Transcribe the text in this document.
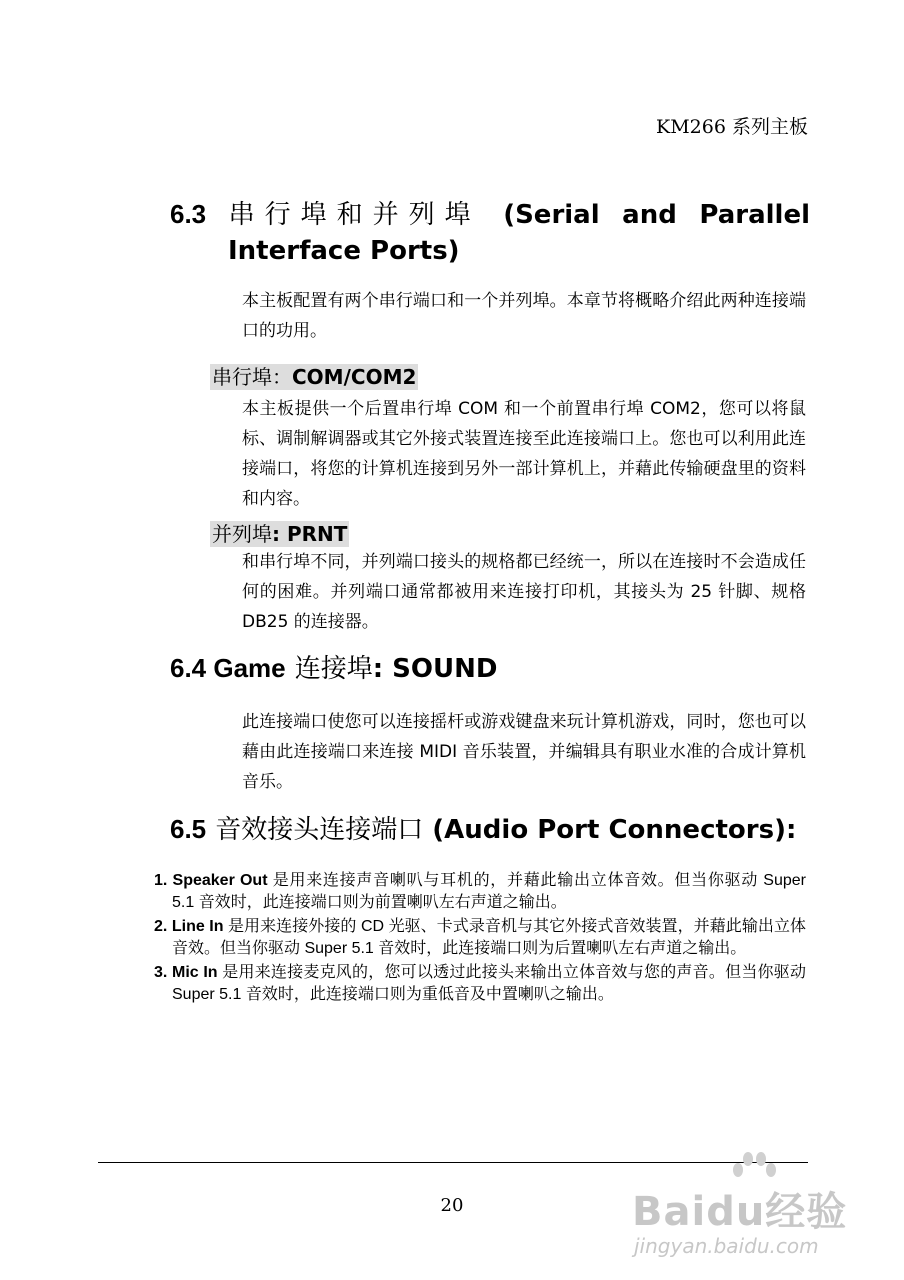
KM266 系列主板
6.3 串行埠和并列埠 (Serial and Parallel
Interface Ports)
本主板配置有两个串行端口和一个并列埠。本章节将概略介绍此两种连接端口的功用。
串行埠：COM/COM2
本主板提供一个后置串行埠 COM 和一个前置串行埠 COM2，您可以将鼠标、调制解调器或其它外接式装置连接至此连接端口上。您也可以利用此连接端口，将您的计算机连接到另外一部计算机上，并藉此传输硬盘里的资料和内容。
并列埠: PRNT
和串行埠不同，并列端口接头的规格都已经统一，所以在连接时不会造成任何的困难。并列端口通常都被用来连接打印机，其接头为 25 针脚、规格 DB25 的连接器。
6.4 Game 连接埠: SOUND
此连接端口使您可以连接摇杆或游戏键盘来玩计算机游戏，同时，您也可以藉由此连接端口来连接 MIDI 音乐装置，并编辑具有职业水准的合成计算机音乐。
6.5 音效接头连接端口 (Audio Port Connectors):
1. Speaker Out 是用来连接声音喇叭与耳机的，并藉此输出立体音效。但当你驱动 Super 5.1 音效时，此连接端口则为前置喇叭左右声道之输出。
2. Line In 是用来连接外接的 CD 光驱、卡式录音机与其它外接式音效装置，并藉此输出立体音效。但当你驱动 Super 5.1 音效时，此连接端口则为后置喇叭左右声道之输出。
3. Mic In 是用来连接麦克风的，您可以透过此接头来输出立体音效与您的声音。但当你驱动 Super 5.1 音效时，此连接端口则为重低音及中置喇叭之输出。
20	Baidu经验
jingyan.baidu.com
